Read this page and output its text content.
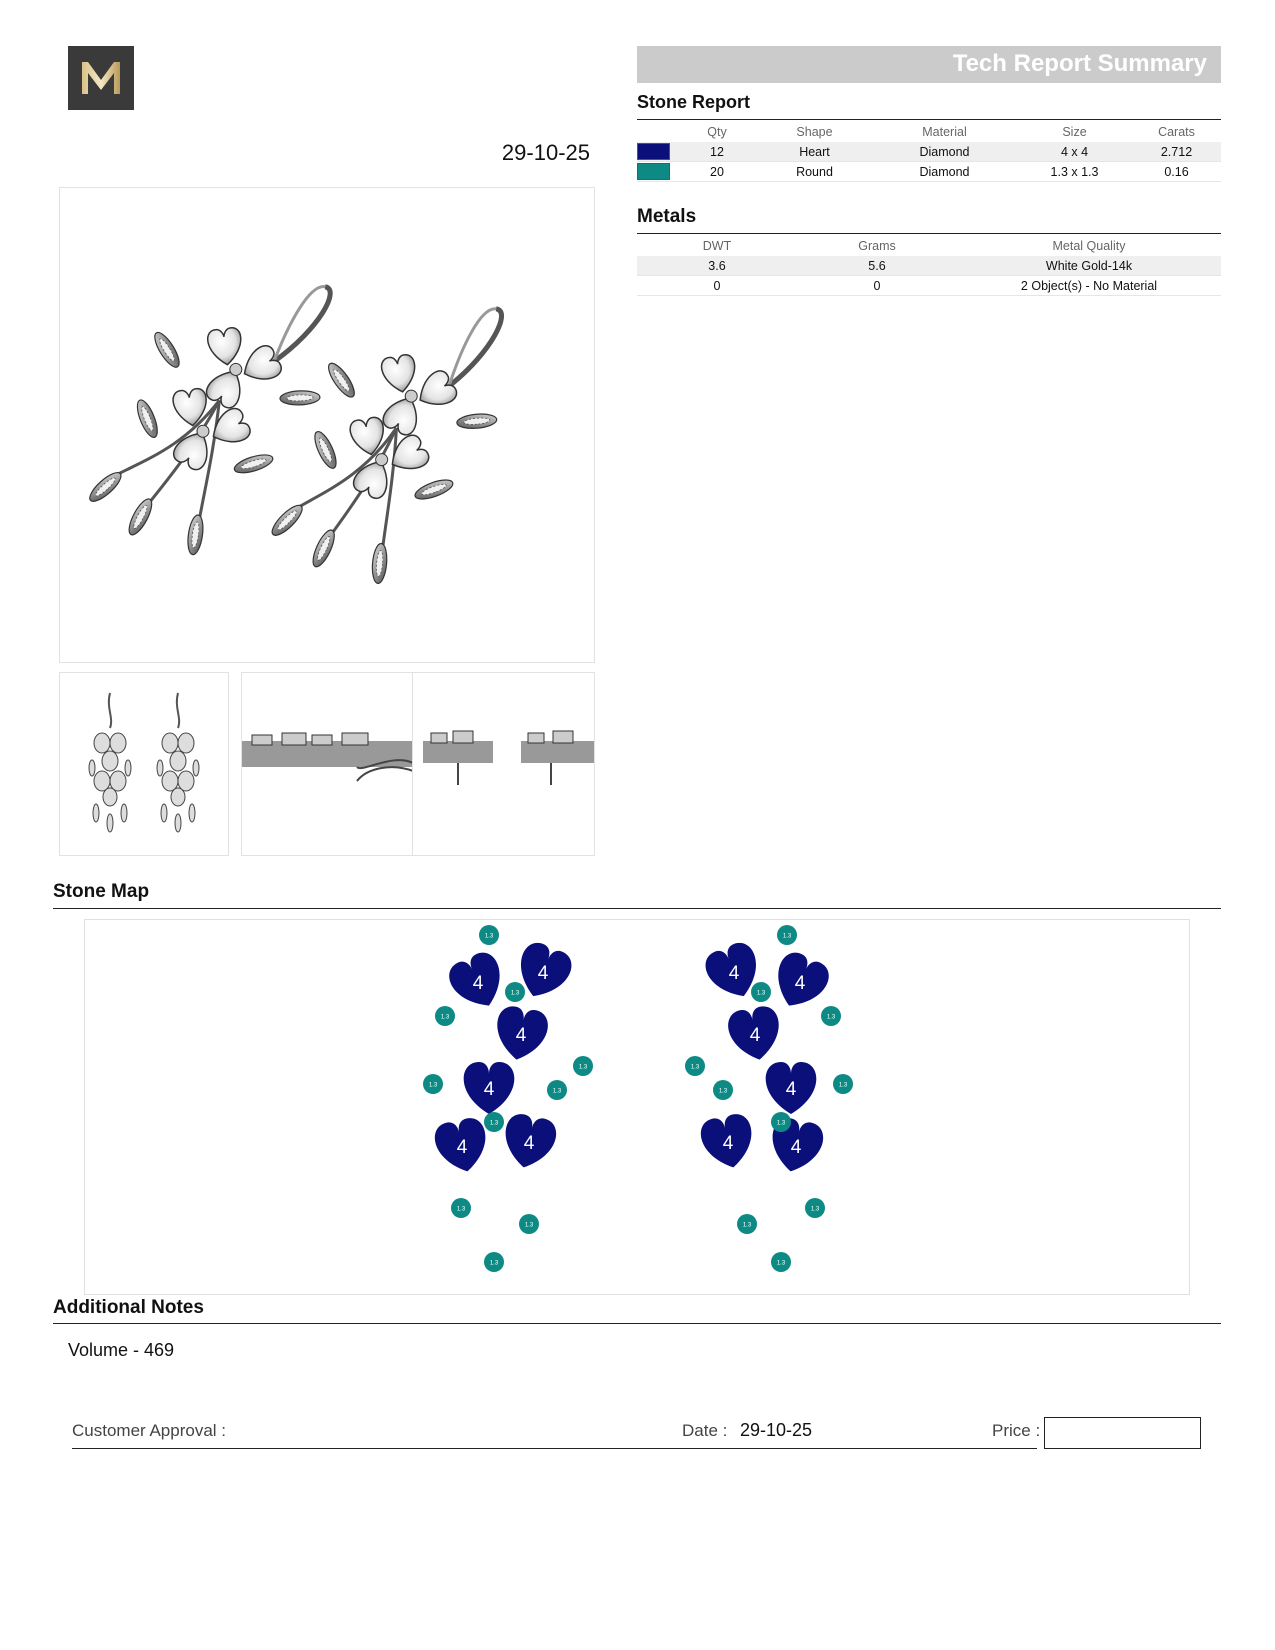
29-10-25
Tech Report Summary
Stone Report
	Qty	Shape	Material	Size	Carats
	12	Heart	Diamond	4 x 4	2.712
	20	Round	Diamond	1.3 x 1.3	0.16
Metals
DWT	Grams	Metal Quality
3.6	5.6	White Gold-14k
0	0	2 Object(s) - No Material
Stone Map
4	4
4
4
4	4
4	4
4
4
4	4
1.3
1.3
1.3
1.3
1.3
1.3
1.3
1.3
1.3
1.3
1.3
1.3
1.3
1.3
1.3
1.3
1.3
1.3
1.3
1.3
Additional Notes
Volume - 469
Customer Approval :	Date : 29-10-25	Price :
